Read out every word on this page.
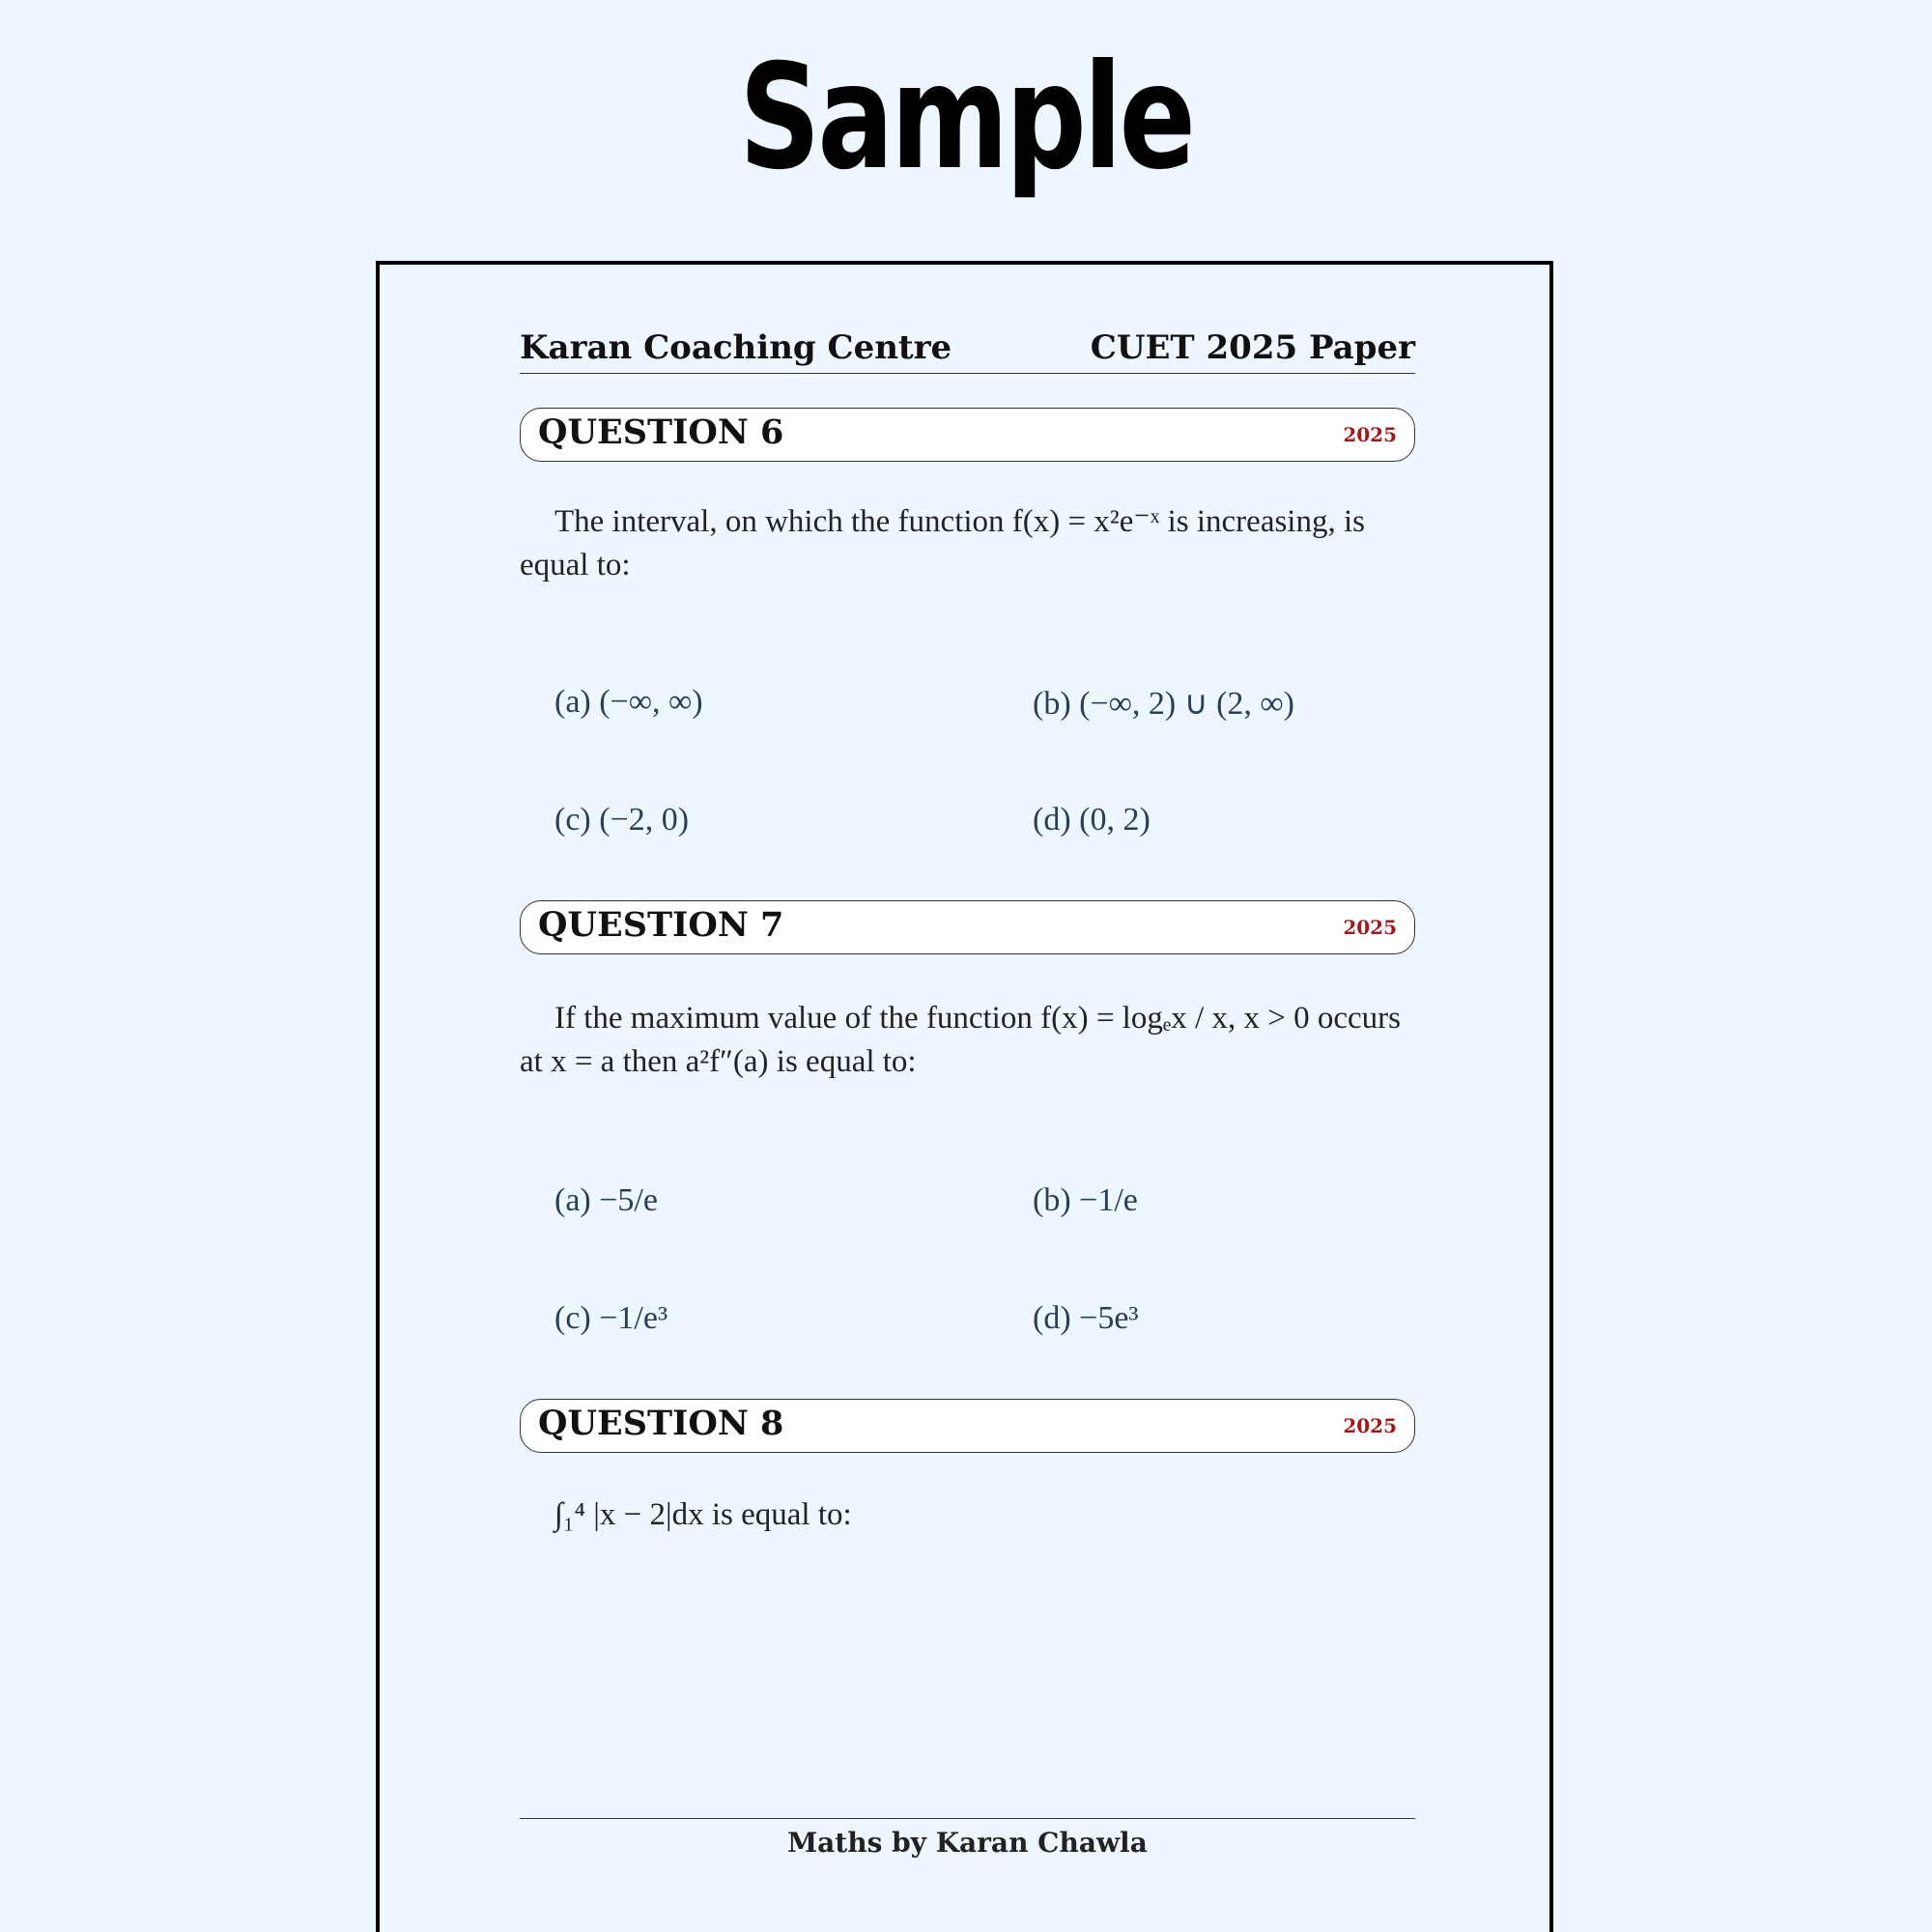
Sample
Karan Coaching Centre	CUET 2025 Paper
QUESTION 6	2025
The interval, on which the function f(x) = x²e⁻ˣ is increasing, is equal to:
(a) (−∞, ∞)	(b) (−∞, 2) ∪ (2, ∞)
(c) (−2, 0)	(d) (0, 2)
QUESTION 7	2025
If the maximum value of the function f(x) = logₑx / x, x > 0 occurs at x = a then a²f″(a) is equal to:
(a) −5/e	(b) −1/e
(c) −1/e³	(d) −5e³
QUESTION 8	2025
∫₁⁴ |x − 2|dx is equal to:
Maths by Karan Chawla
